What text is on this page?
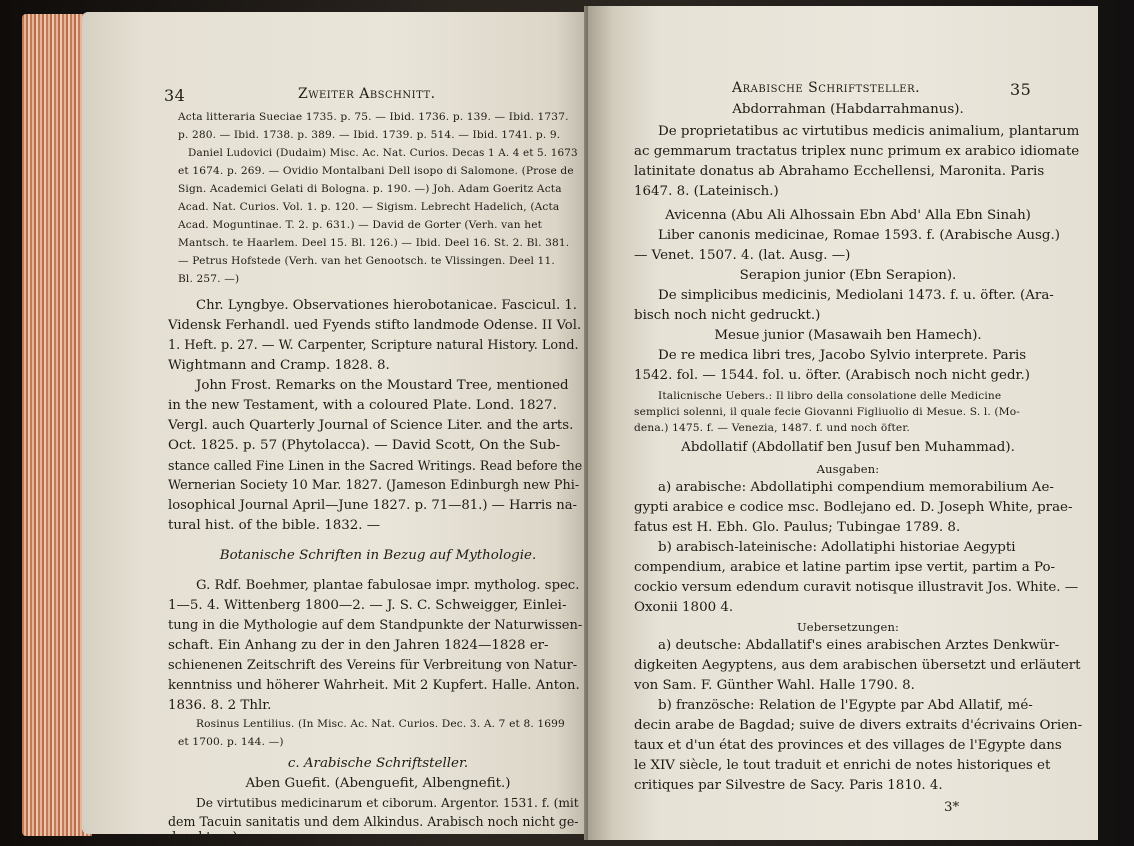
34	Zweiter Abschnitt.
Acta litteraria Sueciae 1735. p. 75. — Ibid. 1736. p. 139. — Ibid. 1737.
p. 280. — Ibid. 1738. p. 389. — Ibid. 1739. p. 514. — Ibid. 1741. p. 9.
Daniel Ludovici (Dudaim) Misc. Ac. Nat. Curios. Decas 1 A. 4 et 5. 1673
et 1674. p. 269. — Ovidio Montalbani Dell isopo di Salomone. (Prose de
Sign. Academici Gelati di Bologna. p. 190. —) Joh. Adam Goeritz Acta
Acad. Nat. Curios. Vol. 1. p. 120. — Sigism. Lebrecht Hadelich, (Acta
Acad. Moguntinae. T. 2. p. 631.) — David de Gorter (Verh. van het
Mantsch. te Haarlem. Deel 15. Bl. 126.) — Ibid. Deel 16. St. 2. Bl. 381.
— Petrus Hofstede (Verh. van het Genootsch. te Vlissingen. Deel 11.
Bl. 257. —)
Chr. Lyngbye. Observationes hierobotanicae. Fascicul. 1.
Vidensk Ferhandl. ued Fyends stifto landmode Odense. II Vol.
1. Heft. p. 27. — W. Carpenter, Scripture natural History. Lond.
Wightmann and Cramp. 1828. 8.
John Frost. Remarks on the Moustard Tree, mentioned
in the new Testament, with a coloured Plate. Lond. 1827.
Vergl. auch Quarterly Journal of Science Liter. and the arts.
Oct. 1825. p. 57 (Phytolacca). — David Scott, On the Sub-
stance called Fine Linen in the Sacred Writings. Read before the
Wernerian Society 10 Mar. 1827. (Jameson Edinburgh new Phi-
losophical Journal April—June 1827. p. 71—81.) — Harris na-
tural hist. of the bible. 1832. —
Botanische Schriften in Bezug auf Mythologie.
G. Rdf. Boehmer, plantae fabulosae impr. mytholog. spec.
1—5. 4. Wittenberg 1800—2. — J. S. C. Schweigger, Einlei-
tung in die Mythologie auf dem Standpunkte der Naturwissen-
schaft. Ein Anhang zu der in den Jahren 1824—1828 er-
schienenen Zeitschrift des Vereins für Verbreitung von Natur-
kenntniss und höherer Wahrheit. Mit 2 Kupfert. Halle. Anton.
1836. 8. 2 Thlr.
Rosinus Lentilius. (In Misc. Ac. Nat. Curios. Dec. 3. A. 7 et 8. 1699
et 1700. p. 144. —)
c. Arabische Schriftsteller.
Aben Guefit. (Abenguefit, Albengnefit.)
De virtutibus medicinarum et ciborum. Argentor. 1531. f. (mit
dem Tacuin sanitatis und dem Alkindus. Arabisch noch nicht ge-
druckt. —)
Arabische Schriftsteller.	35
Abdorrahman (Habdarrahmanus).
De proprietatibus ac virtutibus medicis animalium, plantarum
ac gemmarum tractatus triplex nunc primum ex arabico idiomate
latinitate donatus ab Abrahamo Ecchellensi, Maronita. Paris
1647. 8. (Lateinisch.)
Avicenna (Abu Ali Alhossain Ebn Abd' Alla Ebn Sinah)
Liber canonis medicinae, Romae 1593. f. (Arabische Ausg.)
— Venet. 1507. 4. (lat. Ausg. —)
Serapion junior (Ebn Serapion).
De simplicibus medicinis, Mediolani 1473. f. u. öfter. (Ara-
bisch noch nicht gedruckt.)
Mesue junior (Masawaih ben Hamech).
De re medica libri tres, Jacobo Sylvio interprete. Paris
1542. fol. — 1544. fol. u. öfter. (Arabisch noch nicht gedr.)
Italicnische Uebers.: Il libro della consolatione delle Medicine
semplici solenni, il quale fecie Giovanni Figliuolio di Mesue. S. l. (Mo-
dena.) 1475. f. — Venezia, 1487. f. und noch öfter.
Abdollatif (Abdollatif ben Jusuf ben Muhammad).
Ausgaben:
a) arabische: Abdollatiphi compendium memorabilium Ae-
gypti arabice e codice msc. Bodlejano ed. D. Joseph White, prae-
fatus est H. Ebh. Glo. Paulus; Tubingae 1789. 8.
b) arabisch-lateinische: Adollatiphi historiae Aegypti
compendium, arabice et latine partim ipse vertit, partim a Po-
cockio versum edendum curavit notisque illustravit Jos. White. —
Oxonii 1800 4.
Uebersetzungen:
a) deutsche: Abdallatif's eines arabischen Arztes Denkwür-
digkeiten Aegyptens, aus dem arabischen übersetzt und erläutert
von Sam. F. Günther Wahl. Halle 1790. 8.
b) französche: Relation de l'Egypte par Abd Allatif, mé-
decin arabe de Bagdad; suive de divers extraits d'écrivains Orien-
taux et d'un état des provinces et des villages de l'Egypte dans
le XIV siècle, le tout traduit et enrichi de notes historiques et
critiques par Silvestre de Sacy. Paris 1810. 4.
3*
